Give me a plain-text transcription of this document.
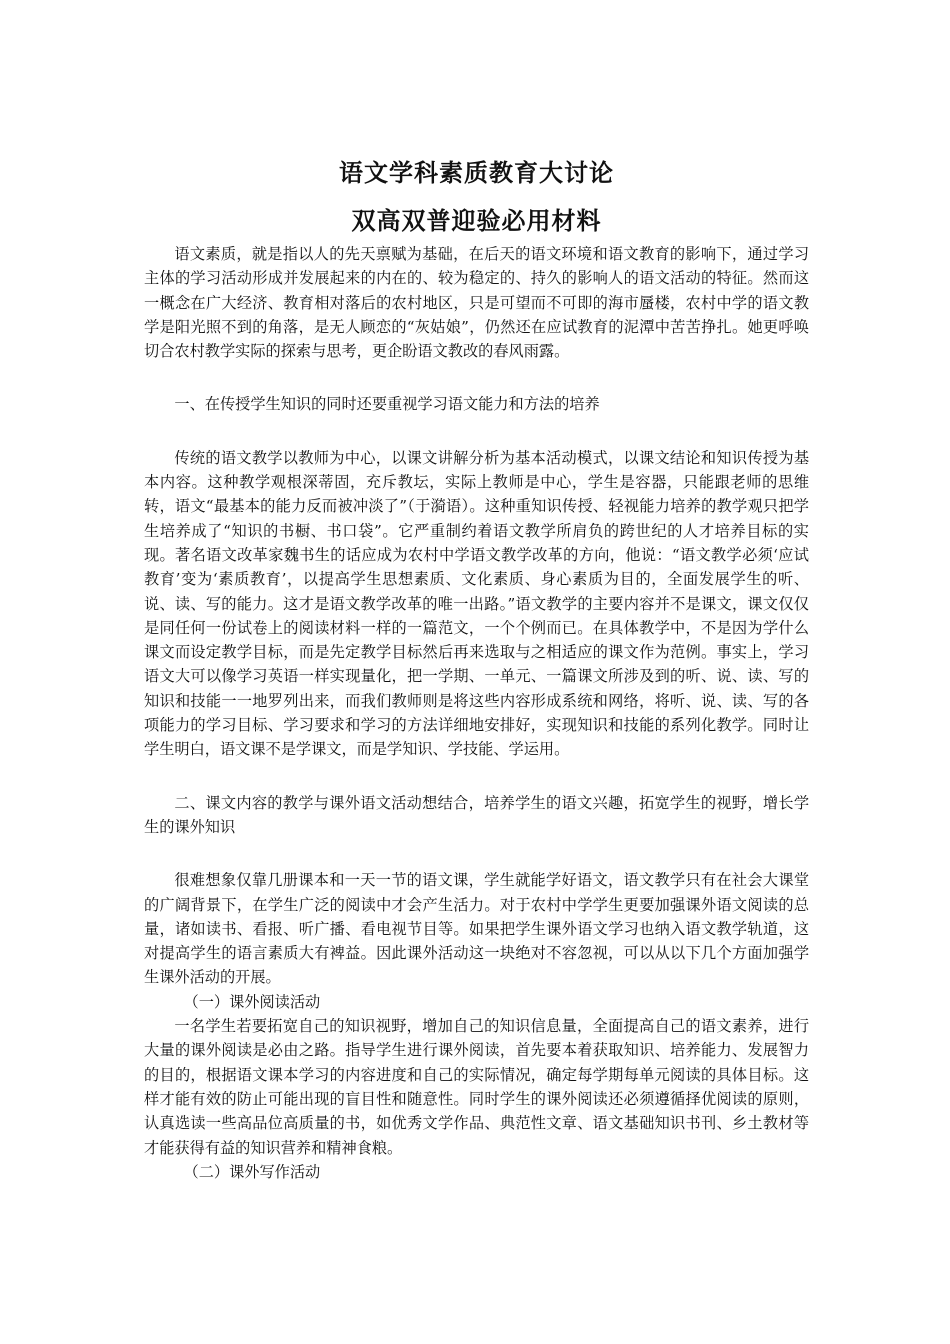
语文学科素质教育大讨论
双高双普迎验必用材料

语文素质，就是指以人的先天禀赋为基础，在后天的语文环境和语文教育的影响下，通过学习主体的学习活动形成并发展起来的内在的、较为稳定的、持久的影响人的语文活动的特征。然而这一概念在广大经济、教育相对落后的农村地区，只是可望而不可即的海市蜃楼，农村中学的语文教学是阳光照不到的角落，是无人顾恋的“灰姑娘”，仍然还在应试教育的泥潭中苦苦挣扎。她更呼唤切合农村教学实际的探索与思考，更企盼语文教改的春风雨露。

一、在传授学生知识的同时还要重视学习语文能力和方法的培养

传统的语文教学以教师为中心，以课文讲解分析为基本活动模式，以课文结论和知识传授为基本内容。这种教学观根深蒂固，充斥教坛，实际上教师是中心，学生是容器，只能跟老师的思维转，语文“最基本的能力反而被冲淡了”（于漪语）。这种重知识传授、轻视能力培养的教学观只把学生培养成了“知识的书橱、书口袋”。它严重制约着语文教学所肩负的跨世纪的人才培养目标的实现。著名语文改革家魏书生的话应成为农村中学语文教学改革的方向，他说：“语文教学必须‘应试教育’变为‘素质教育’，以提高学生思想素质、文化素质、身心素质为目的，全面发展学生的听、说、读、写的能力。这才是语文教学改革的唯一出路。”语文教学的主要内容并不是课文，课文仅仅是同任何一份试卷上的阅读材料一样的一篇范文，一个个例而已。在具体教学中，不是因为学什么课文而设定教学目标，而是先定教学目标然后再来选取与之相适应的课文作为范例。事实上，学习语文大可以像学习英语一样实现量化，把一学期、一单元、一篇课文所涉及到的听、说、读、写的知识和技能一一地罗列出来，而我们教师则是将这些内容形成系统和网络，将听、说、读、写的各项能力的学习目标、学习要求和学习的方法详细地安排好，实现知识和技能的系列化教学。同时让学生明白，语文课不是学课文，而是学知识、学技能、学运用。

二、课文内容的教学与课外语文活动想结合，培养学生的语文兴趣，拓宽学生的视野，增长学生的课外知识

很难想象仅靠几册课本和一天一节的语文课，学生就能学好语文，语文教学只有在社会大课堂的广阔背景下，在学生广泛的阅读中才会产生活力。对于农村中学学生更要加强课外语文阅读的总量，诸如读书、看报、听广播、看电视节目等。如果把学生课外语文学习也纳入语文教学轨道，这对提高学生的语言素质大有裨益。因此课外活动这一块绝对不容忽视，可以从以下几个方面加强学生课外活动的开展。

（一）课外阅读活动

一名学生若要拓宽自己的知识视野，增加自己的知识信息量，全面提高自己的语文素养，进行大量的课外阅读是必由之路。指导学生进行课外阅读，首先要本着获取知识、培养能力、发展智力的目的，根据语文课本学习的内容进度和自己的实际情况，确定每学期每单元阅读的具体目标。这样才能有效的防止可能出现的盲目性和随意性。同时学生的课外阅读还必须遵循择优阅读的原则，认真选读一些高品位高质量的书，如优秀文学作品、典范性文章、语文基础知识书刊、乡土教材等才能获得有益的知识营养和精神食粮。

（二）课外写作活动
